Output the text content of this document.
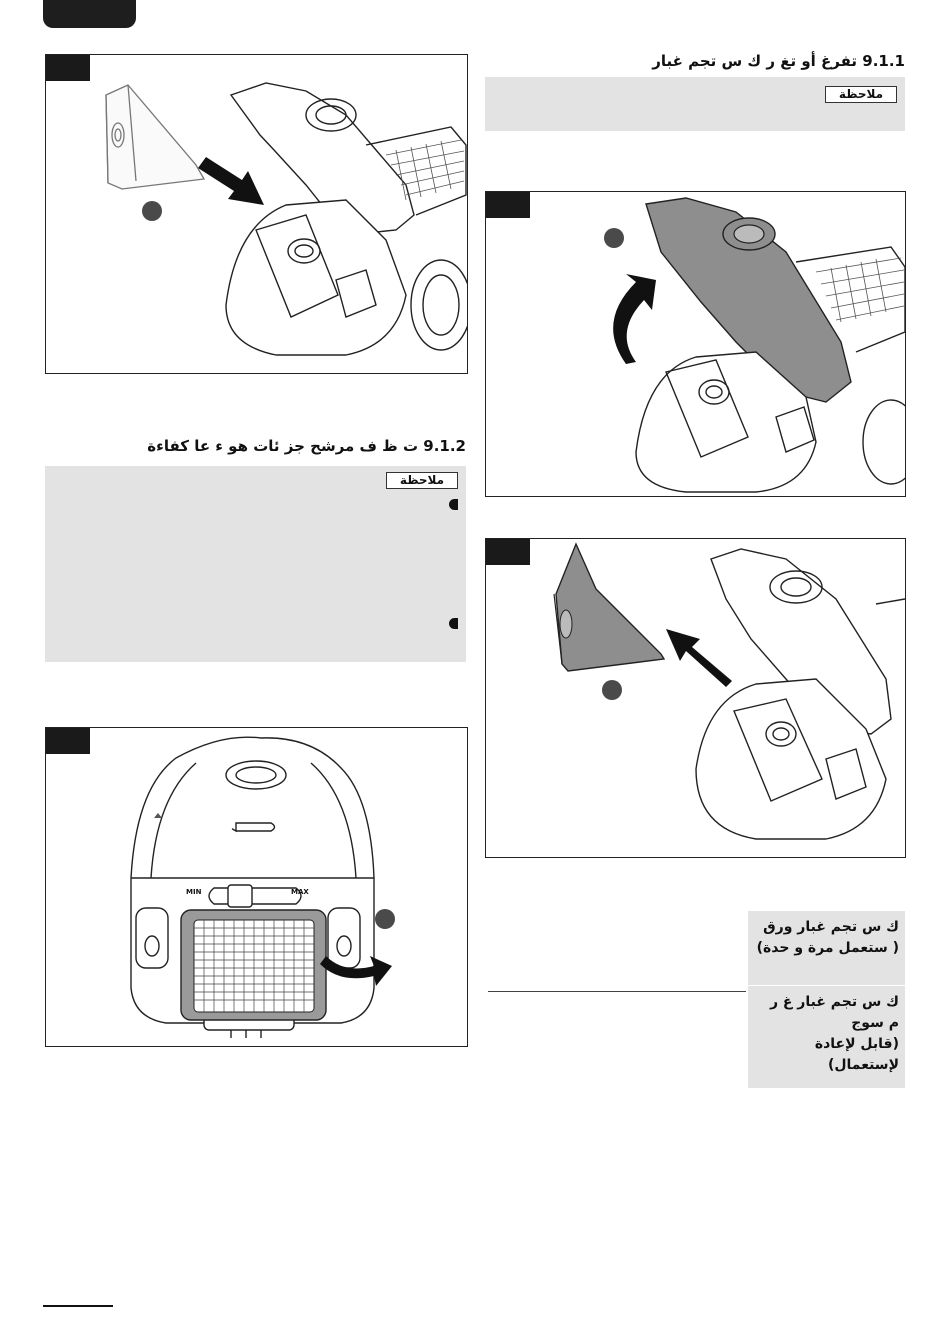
9.1.1 تفرغ أو تغ ر ك س تجم غبار
ملاحظة
9.1.2 ت ظ ف مرشح جز ئات هو ء عا كفاءة
ملاحظة
MIN	MAX
ك س تجم غبار ورق
( ستعمل مرة و حدة)
ك س تجم غبار غ ر
م سوج
(قابل لإعادة لإستعمال)
